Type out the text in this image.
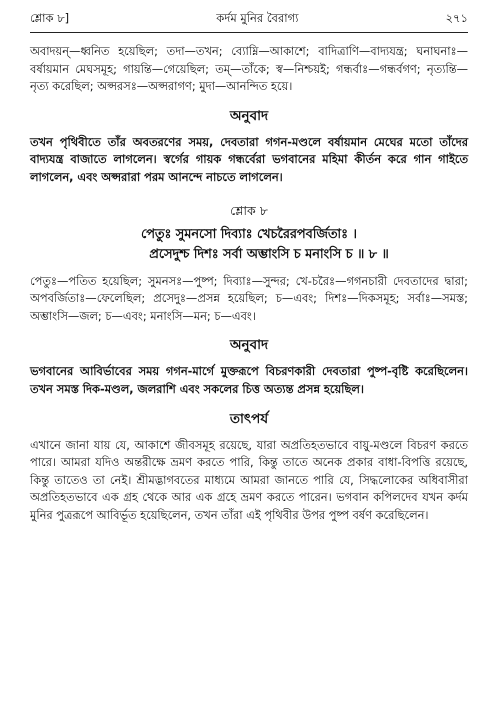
শ্লোক ৮]	কর্দম মুনির বৈরাগ্য	২৭১

অবাদয়ন্—ধ্বনিত হয়েছিল; তদা—তখন; ব্যোম্নি—আকাশে; বাদিত্রাণি—বাদ্যযন্ত্র; ঘনাঘনাঃ—বর্ষায়মান মেঘসমূহ; গায়ন্তি—গেয়েছিল; তম্—তাঁকে; স্ব—নিশ্চয়ই; গন্ধর্বাঃ—গন্ধর্বগণ; নৃত্যন্তি—নৃত্য করেছিল; অপ্সরসঃ—অপ্সরাগণ; মুদা—আনন্দিত হয়ে।

অনুবাদ

তখন পৃথিবীতে তাঁর অবতরণের সময়, দেবতারা গগন-মণ্ডলে বর্ষায়মান মেঘের মতো তাঁদের বাদ্যযন্ত্র বাজাতে লাগলেন। স্বর্গের গায়ক গন্ধর্বেরা ভগবানের মহিমা কীর্তন করে গান গাইতে লাগলেন, এবং অপ্সরারা পরম আনন্দে নাচতে লাগলেন।

শ্লোক ৮
পেতুঃ সুমনসো দিব্যাঃ খেচরৈরপবর্জিতাঃ ।
প্রসেদুশ্চ দিশঃ সর্বা অম্ভাংসি চ মনাংসি চ ॥ ৮ ॥

পেতুঃ—পতিত হয়েছিল; সুমনসঃ—পুষ্প; দিব্যাঃ—সুন্দর; খে-চরৈঃ—গগনচারী দেবতাদের দ্বারা; অপবর্জিতাঃ—ফেলেছিল; প্রসেদুঃ—প্রসন্ন হয়েছিল; চ—এবং; দিশঃ—দিকসমূহ; সর্বাঃ—সমস্ত; অম্ভাংসি—জল; চ—এবং; মনাংসি—মন; চ—এবং।

অনুবাদ

ভগবানের আবির্ভাবের সময় গগন-মার্গে মুক্তরূপে বিচরণকারী দেবতারা পুষ্প-বৃষ্টি করেছিলেন। তখন সমস্ত দিক-মণ্ডল, জলরাশি এবং সকলের চিত্ত অত্যন্ত প্রসন্ন হয়েছিল।

তাৎপর্য

এখানে জানা যায় যে, আকাশে জীবসমূহ রয়েছে, যারা অপ্রতিহতভাবে বায়ু-মণ্ডলে বিচরণ করতে পারে। আমরা যদিও অন্তরীক্ষে ভ্রমণ করতে পারি, কিন্তু তাতে অনেক প্রকার বাধা-বিপত্তি রয়েছে, কিন্তু তাতেও তা নেই। শ্রীমদ্ভাগবতের মাধ্যমে আমরা জানতে পারি যে, সিদ্ধলোকের অধিবাসীরা অপ্রতিহতভাবে এক গ্রহ থেকে আর এক গ্রহে ভ্রমণ করতে পারেন। ভগবান কপিলদেব যখন কর্দম মুনির পুত্ররূপে আবির্ভূত হয়েছিলেন, তখন তাঁরা এই পৃথিবীর উপর পুষ্প বর্ষণ করেছিলেন।
